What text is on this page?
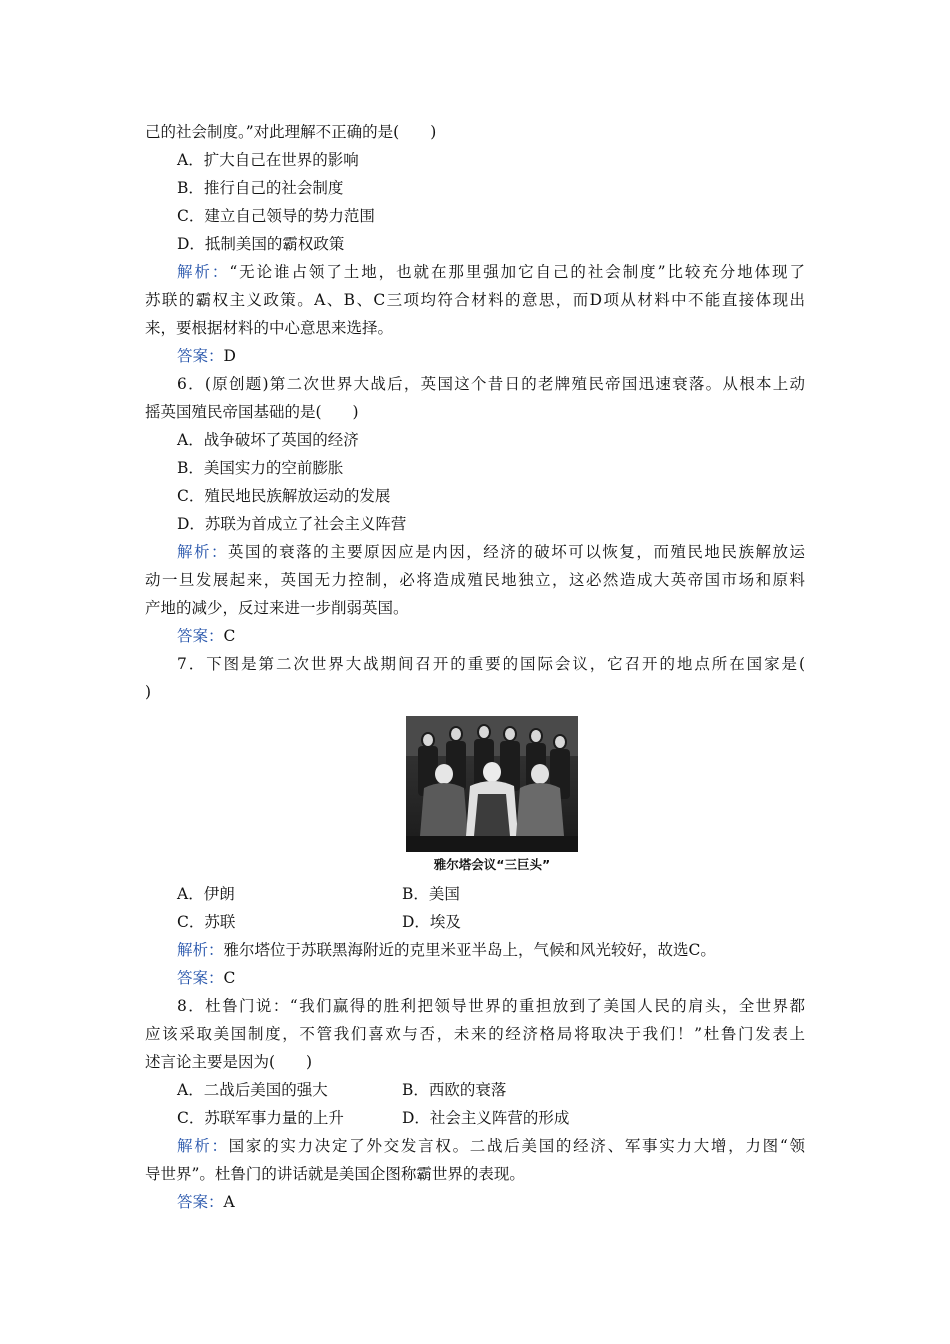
己的社会制度。”对此理解不正确的是(　　)
A．扩大自己在世界的影响
B．推行自己的社会制度
C．建立自己领导的势力范围
D．抵制美国的霸权政策
解析：“无论谁占领了土地，也就在那里强加它自己的社会制度”比较充分地体现了
苏联的霸权主义政策。A、B、C三项均符合材料的意思，而D项从材料中不能直接体现出
来，要根据材料的中心意思来选择。
答案：D
6．(原创题)第二次世界大战后，英国这个昔日的老牌殖民帝国迅速衰落。从根本上动
摇英国殖民帝国基础的是(　　)
A．战争破坏了英国的经济
B．美国实力的空前膨胀
C．殖民地民族解放运动的发展
D．苏联为首成立了社会主义阵营
解析：英国的衰落的主要原因应是内因，经济的破坏可以恢复，而殖民地民族解放运
动一旦发展起来，英国无力控制，必将造成殖民地独立，这必然造成大英帝国市场和原料
产地的减少，反过来进一步削弱英国。
答案：C
7．下图是第二次世界大战期间召开的重要的国际会议，它召开的地点所在国家是(
)
雅尔塔会议“三巨头”
A．伊朗	B．美国
C．苏联	D．埃及
解析：雅尔塔位于苏联黑海附近的克里米亚半岛上，气候和风光较好，故选C。
答案：C
8．杜鲁门说：“我们赢得的胜利把领导世界的重担放到了美国人民的肩头，全世界都
应该采取美国制度，不管我们喜欢与否，未来的经济格局将取决于我们！”杜鲁门发表上
述言论主要是因为(　　)
A．二战后美国的强大	B．西欧的衰落
C．苏联军事力量的上升	D．社会主义阵营的形成
解析：国家的实力决定了外交发言权。二战后美国的经济、军事实力大增，力图“领
导世界”。杜鲁门的讲话就是美国企图称霸世界的表现。
答案：A
